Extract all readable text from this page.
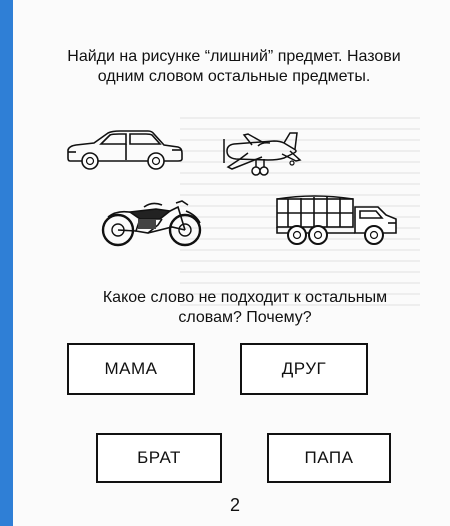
Найди на рисунке “лишний” предмет. Назови одним словом остальные предметы.
Какое слово не подходит к остальным словам? Почему?
МАМА	ДРУГ
БРАТ	ПАПА
2
